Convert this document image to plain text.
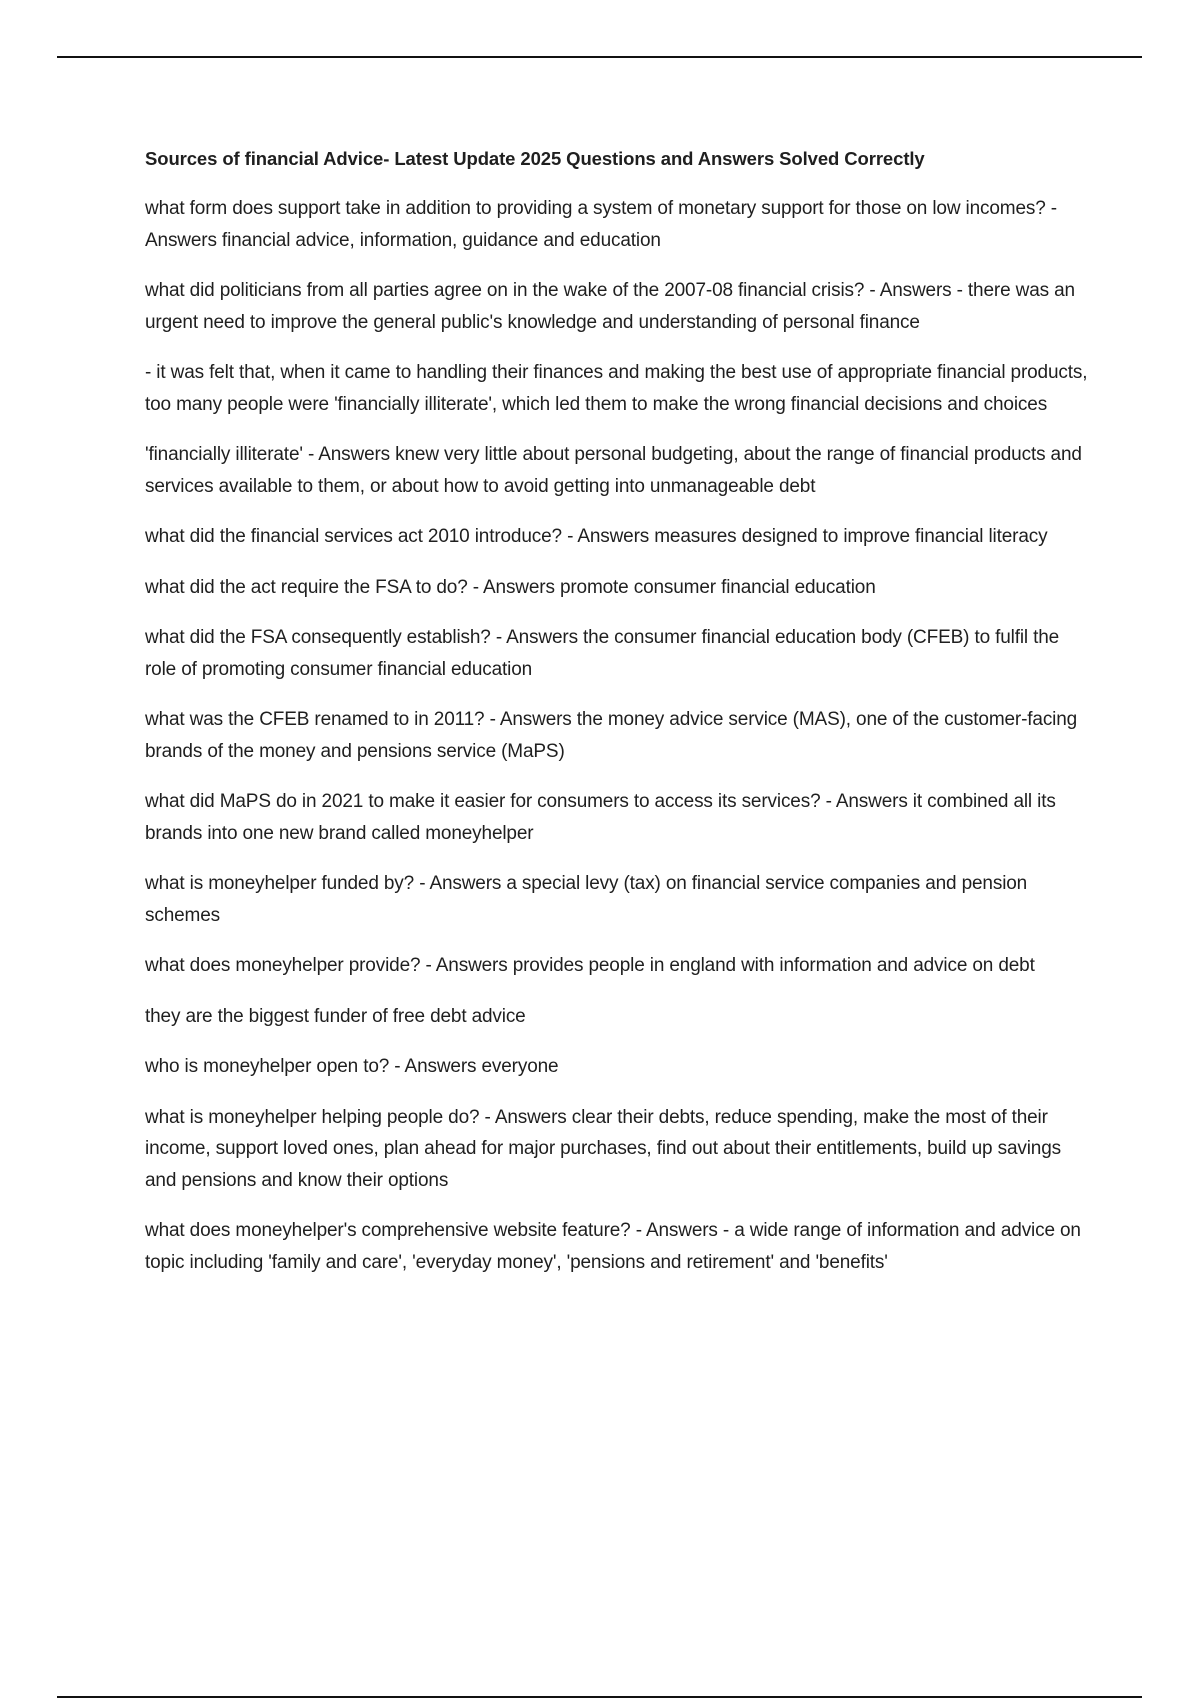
Sources of financial Advice- Latest Update 2025 Questions and Answers Solved Correctly

what form does support take in addition to providing a system of monetary support for those on low incomes? - Answers financial advice, information, guidance and education

what did politicians from all parties agree on in the wake of the 2007-08 financial crisis? - Answers - there was an urgent need to improve the general public's knowledge and understanding of personal finance

- it was felt that, when it came to handling their finances and making the best use of appropriate financial products, too many people were 'financially illiterate', which led them to make the wrong financial decisions and choices

'financially illiterate' - Answers knew very little about personal budgeting, about the range of financial products and services available to them, or about how to avoid getting into unmanageable debt

what did the financial services act 2010 introduce? - Answers measures designed to improve financial literacy

what did the act require the FSA to do? - Answers promote consumer financial education

what did the FSA consequently establish? - Answers the consumer financial education body (CFEB) to fulfil the role of promoting consumer financial education

what was the CFEB renamed to in 2011? - Answers the money advice service (MAS), one of the customer-facing brands of the money and pensions service (MaPS)

what did MaPS do in 2021 to make it easier for consumers to access its services? - Answers it combined all its brands into one new brand called moneyhelper

what is moneyhelper funded by? - Answers a special levy (tax) on financial service companies and pension schemes

what does moneyhelper provide? - Answers provides people in england with information and advice on debt

they are the biggest funder of free debt advice

who is moneyhelper open to? - Answers everyone

what is moneyhelper helping people do? - Answers clear their debts, reduce spending, make the most of their income, support loved ones, plan ahead for major purchases, find out about their entitlements, build up savings and pensions and know their options

what does moneyhelper's comprehensive website feature? - Answers - a wide range of information and advice on topic including 'family and care', 'everyday money', 'pensions and retirement' and 'benefits'
